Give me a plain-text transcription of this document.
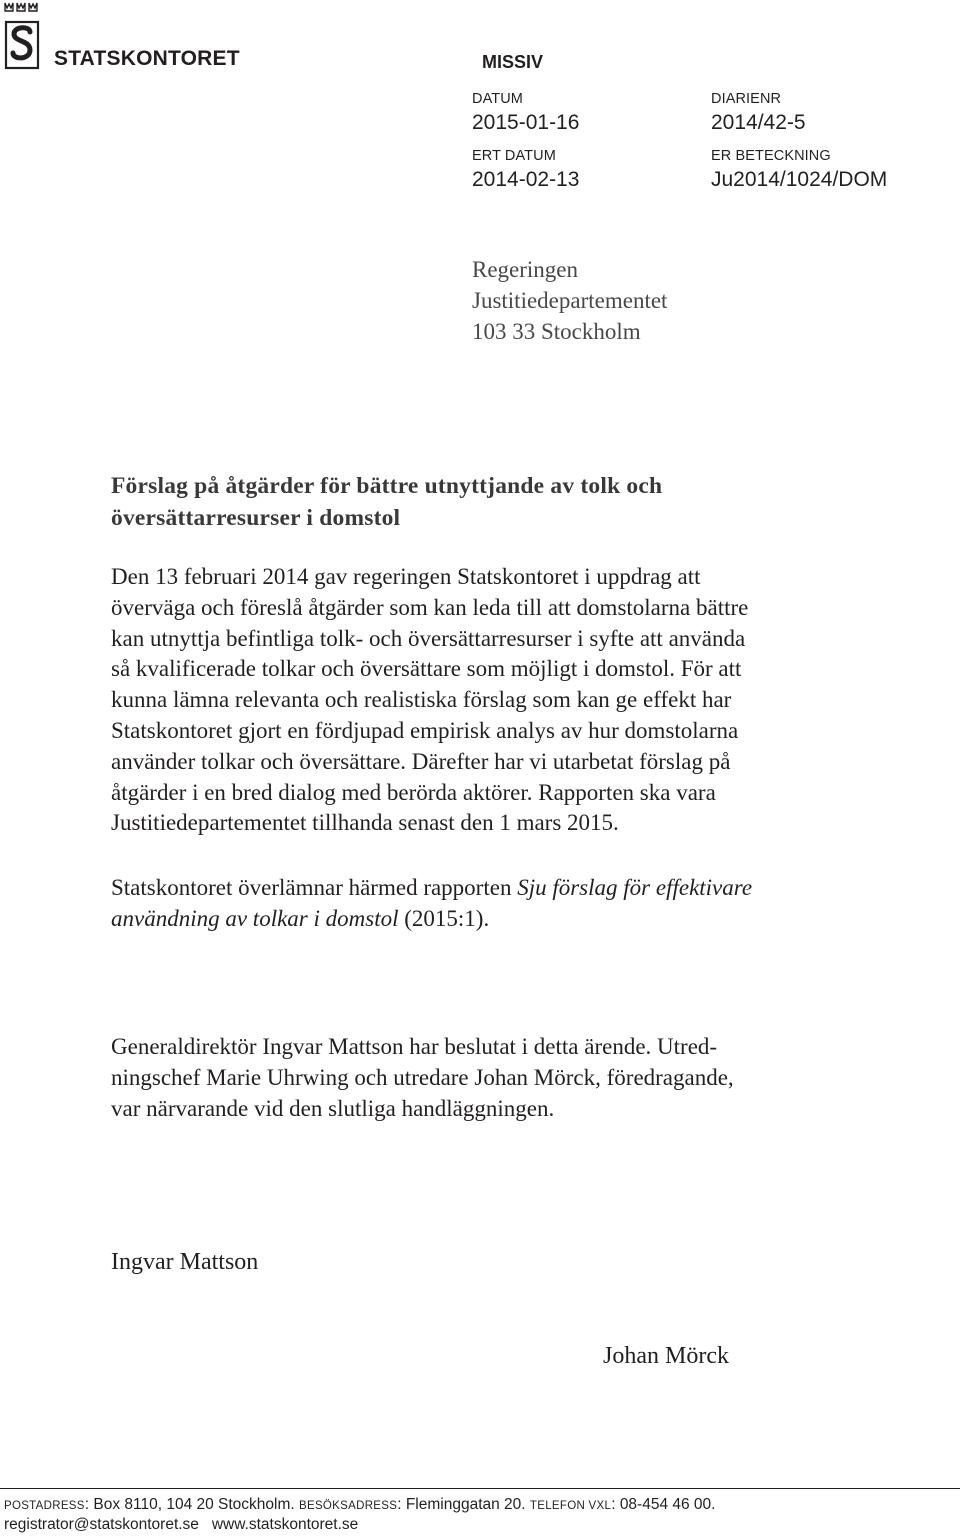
STATSKONTORET	MISSIV
DATUM
2015-01-16
ERT DATUM
2014-02-13
DIARIENR
2014/42-5
ER BETECKNING
Ju2014/1024/DOM
Regeringen
Justitiedepartementet
103 33 Stockholm
Förslag på åtgärder för bättre utnyttjande av tolk och
översättarresurser i domstol
Den 13 februari 2014 gav regeringen Statskontoret i uppdrag att
överväga och föreslå åtgärder som kan leda till att domstolarna bättre
kan utnyttja befintliga tolk- och översättarresurser i syfte att använda
så kvalificerade tolkar och översättare som möjligt i domstol. För att
kunna lämna relevanta och realistiska förslag som kan ge effekt har
Statskontoret gjort en fördjupad empirisk analys av hur domstolarna
använder tolkar och översättare. Därefter har vi utarbetat förslag på
åtgärder i en bred dialog med berörda aktörer. Rapporten ska vara
Justitiedepartementet tillhanda senast den 1 mars 2015.
Statskontoret överlämnar härmed rapporten Sju förslag för effektivare
användning av tolkar i domstol (2015:1).
Generaldirektör Ingvar Mattson har beslutat i detta ärende. Utred-
ningschef Marie Uhrwing och utredare Johan Mörck, föredragande,
var närvarande vid den slutliga handläggningen.
Ingvar Mattson
Johan Mörck
POSTADRESS: Box 8110, 104 20 Stockholm. BESÖKSADRESS: Fleminggatan 20. TELEFON VXL: 08-454 46 00.
registrator@statskontoret.se   www.statskontoret.se
